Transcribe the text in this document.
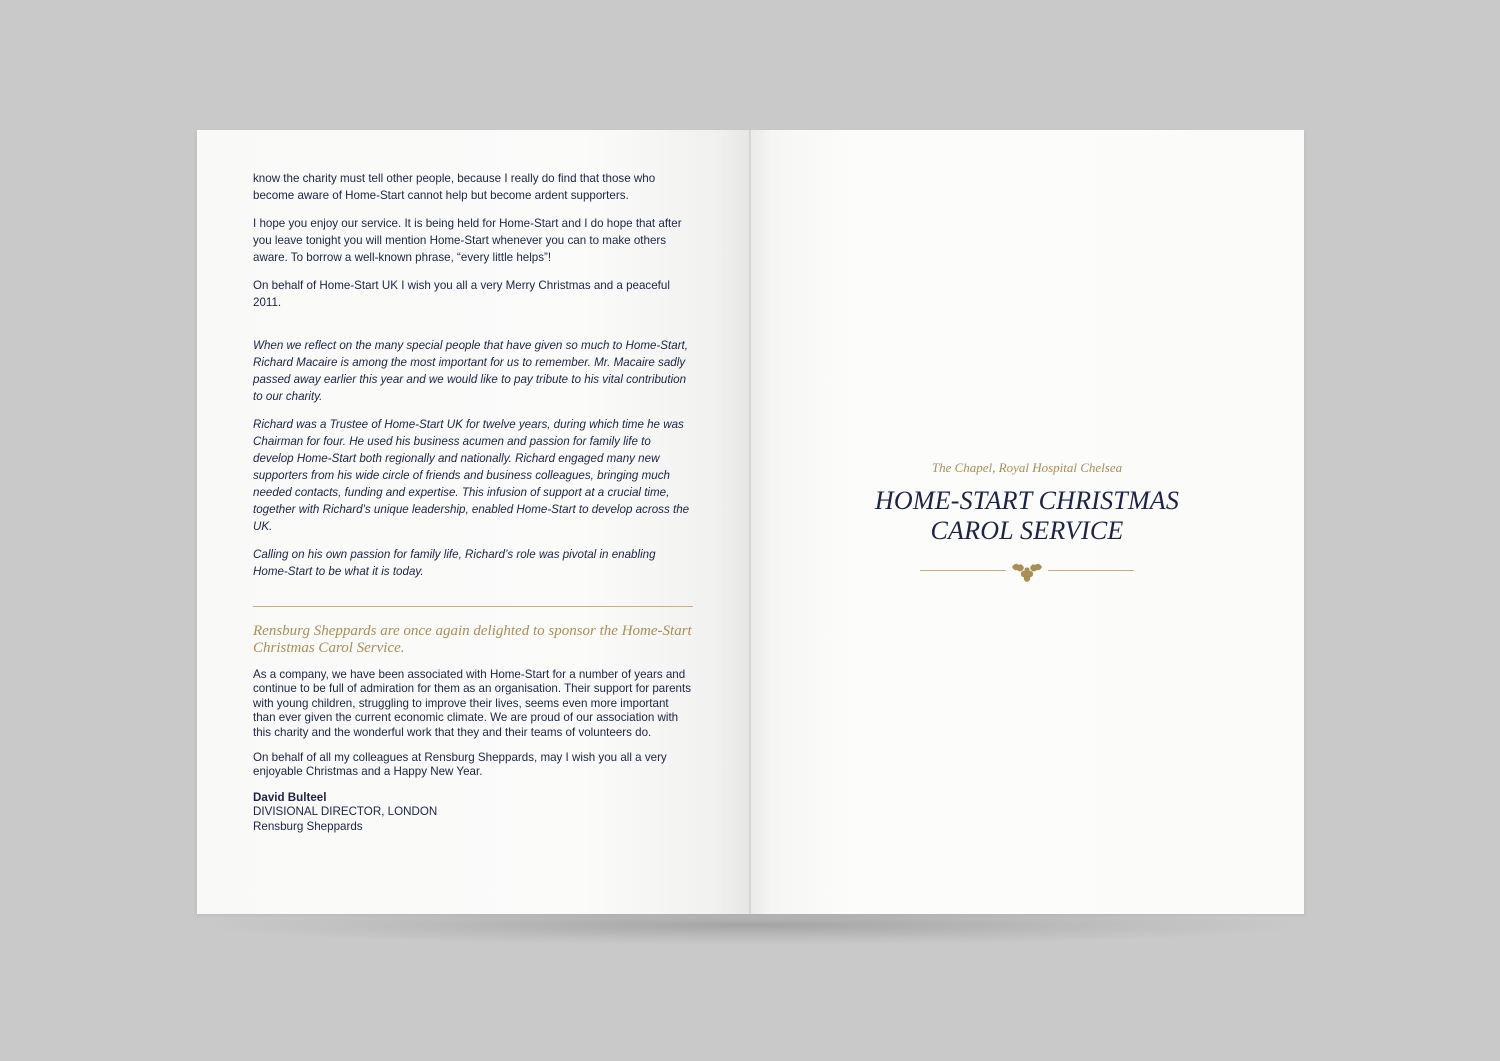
know the charity must tell other people, because I really do find that those who become aware of Home-Start cannot help but become ardent supporters.

I hope you enjoy our service. It is being held for Home-Start and I do hope that after you leave tonight you will mention Home-Start whenever you can to make others aware. To borrow a well-known phrase, “every little helps”!

On behalf of Home-Start UK I wish you all a very Merry Christmas and a peaceful 2011.

When we reflect on the many special people that have given so much to Home-Start, Richard Macaire is among the most important for us to remember. Mr. Macaire sadly passed away earlier this year and we would like to pay tribute to his vital contribution to our charity.

Richard was a Trustee of Home-Start UK for twelve years, during which time he was Chairman for four. He used his business acumen and passion for family life to develop Home-Start both regionally and nationally. Richard engaged many new supporters from his wide circle of friends and business colleagues, bringing much needed contacts, funding and expertise. This infusion of support at a crucial time, together with Richard’s unique leadership, enabled Home-Start to develop across the UK.

Calling on his own passion for family life, Richard’s role was pivotal in enabling Home-Start to be what it is today.

Rensburg Sheppards are once again delighted to sponsor the Home-Start Christmas Carol Service.

As a company, we have been associated with Home-Start for a number of years and continue to be full of admiration for them as an organisation. Their support for parents with young children, struggling to improve their lives, seems even more important than ever given the current economic climate. We are proud of our association with this charity and the wonderful work that they and their teams of volunteers do.

On behalf of all my colleagues at Rensburg Sheppards, may I wish you all a very enjoyable Christmas and a Happy New Year.

David Bulteel
DIVISIONAL DIRECTOR, LONDON
Rensburg Sheppards

The Chapel, Royal Hospital Chelsea

HOME-START CHRISTMAS
CAROL SERVICE
